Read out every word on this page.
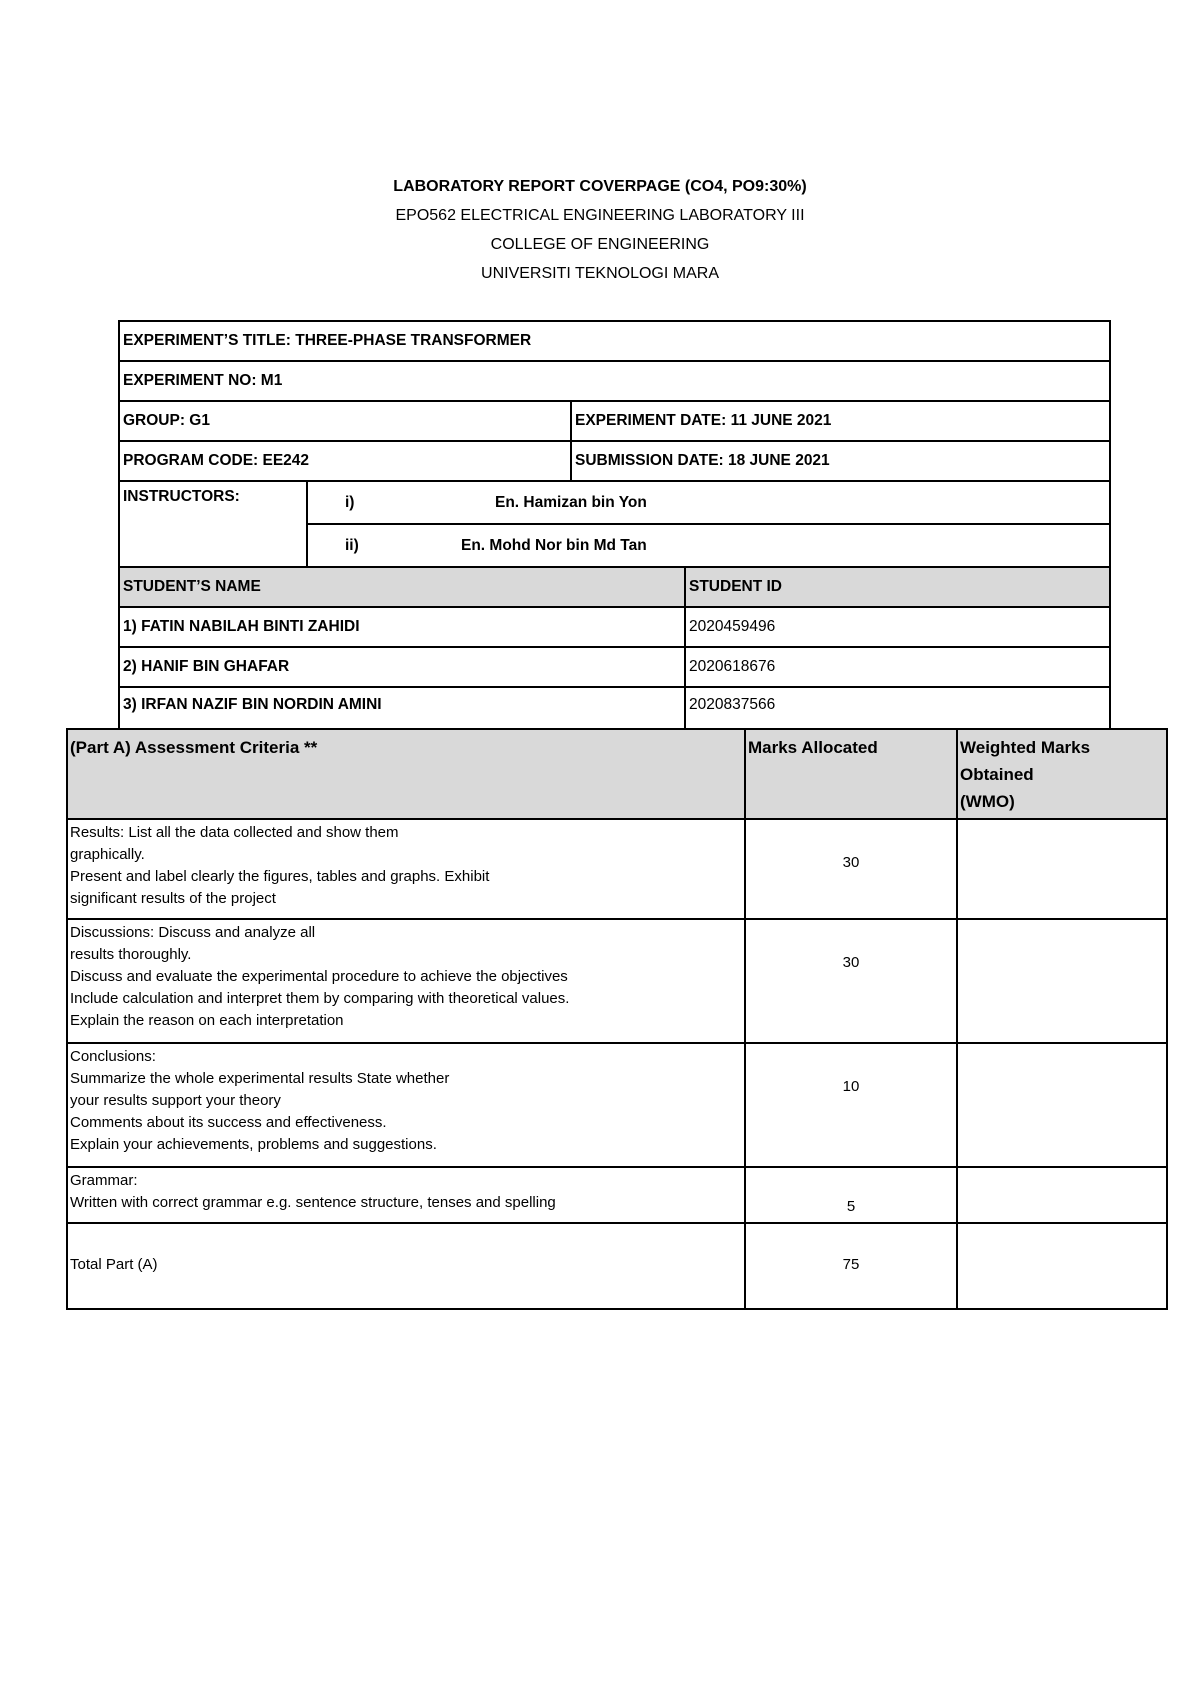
LABORATORY REPORT COVERPAGE (CO4, PO9:30%)
EPO562 ELECTRICAL ENGINEERING LABORATORY III
COLLEGE OF ENGINEERING
UNIVERSITI TEKNOLOGI MARA
EXPERIMENT’S TITLE: THREE-PHASE TRANSFORMER			
EXPERIMENT NO: M1			
GROUP: G1		EXPERIMENT DATE: 11 JUNE 2021	
PROGRAM CODE: EE242		SUBMISSION DATE: 18 JUNE 2021	
INSTRUCTORS:	i) En. Hamizan bin Yon		
	ii) En. Mohd Nor bin Md Tan		
STUDENT’S NAME			STUDENT ID
1) FATIN NABILAH BINTI ZAHIDI			2020459496
2) HANIF BIN GHAFAR			2020618676
3) IRFAN NAZIF BIN NORDIN AMINI			2020837566
(Part A) Assessment Criteria **	Marks Allocated	Weighted Marks
Obtained
(WMO)

Results: List all the data collected and show them
graphically.
Present and label clearly the figures, tables and graphs. Exhibit
significant results of the project	30	

Discussions: Discuss and analyze all
results thoroughly.
Discuss and evaluate the experimental procedure to achieve the objectives
Include calculation and interpret them by comparing with theoretical values.
Explain the reason on each interpretation	30	

Conclusions:
Summarize the whole experimental results State whether
your results support your theory
Comments about its success and effectiveness.
Explain your achievements, problems and suggestions.	10	

Grammar:
Written with correct grammar e.g. sentence structure, tenses and spelling	5	
Total Part (A)	75	
